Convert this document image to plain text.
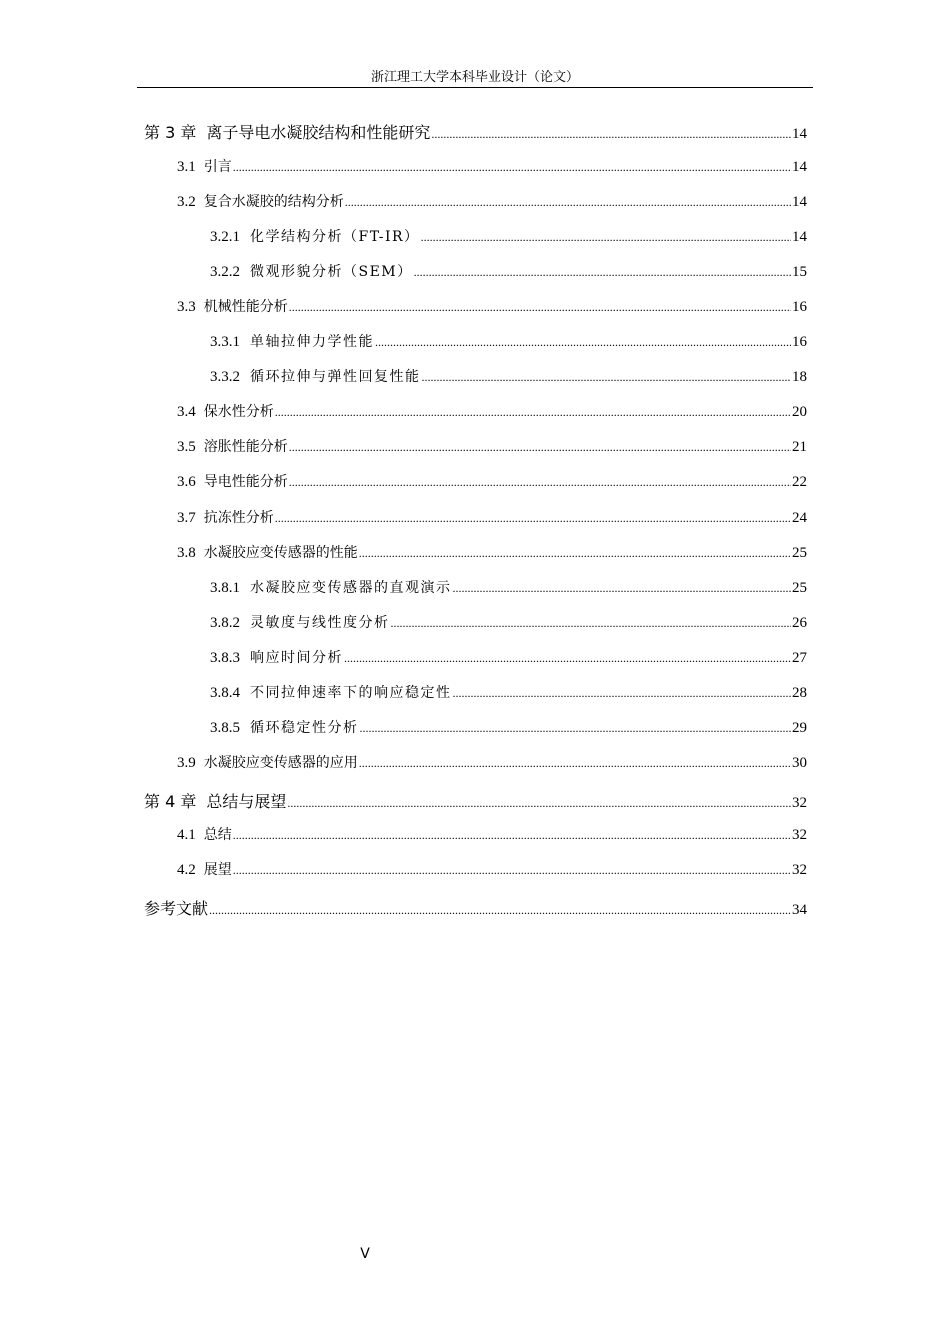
浙江理工大学本科毕业设计（论文）
第 3 章 离子导电水凝胶结构和性能研究 .....	14
3.1 引言 .....	14
3.2 复合水凝胶的结构分析 .....	14
3.2.1 化学结构分析（FT-IR） .....	14
3.2.2 微观形貌分析（SEM） .....	15
3.3 机械性能分析 .....	16
3.3.1 单轴拉伸力学性能 .....	16
3.3.2 循环拉伸与弹性回复性能 .....	18
3.4 保水性分析 .....	20
3.5 溶胀性能分析 .....	21
3.6 导电性能分析 .....	22
3.7 抗冻性分析 .....	24
3.8 水凝胶应变传感器的性能 .....	25
3.8.1 水凝胶应变传感器的直观演示 .....	25
3.8.2 灵敏度与线性度分析 .....	26
3.8.3 响应时间分析 .....	27
3.8.4 不同拉伸速率下的响应稳定性 .....	28
3.8.5 循环稳定性分析 .....	29
3.9 水凝胶应变传感器的应用 .....	30
第 4 章 总结与展望 .....	32
4.1 总结 .....	32
4.2 展望 .....	32
参考文献 .....	34
V
